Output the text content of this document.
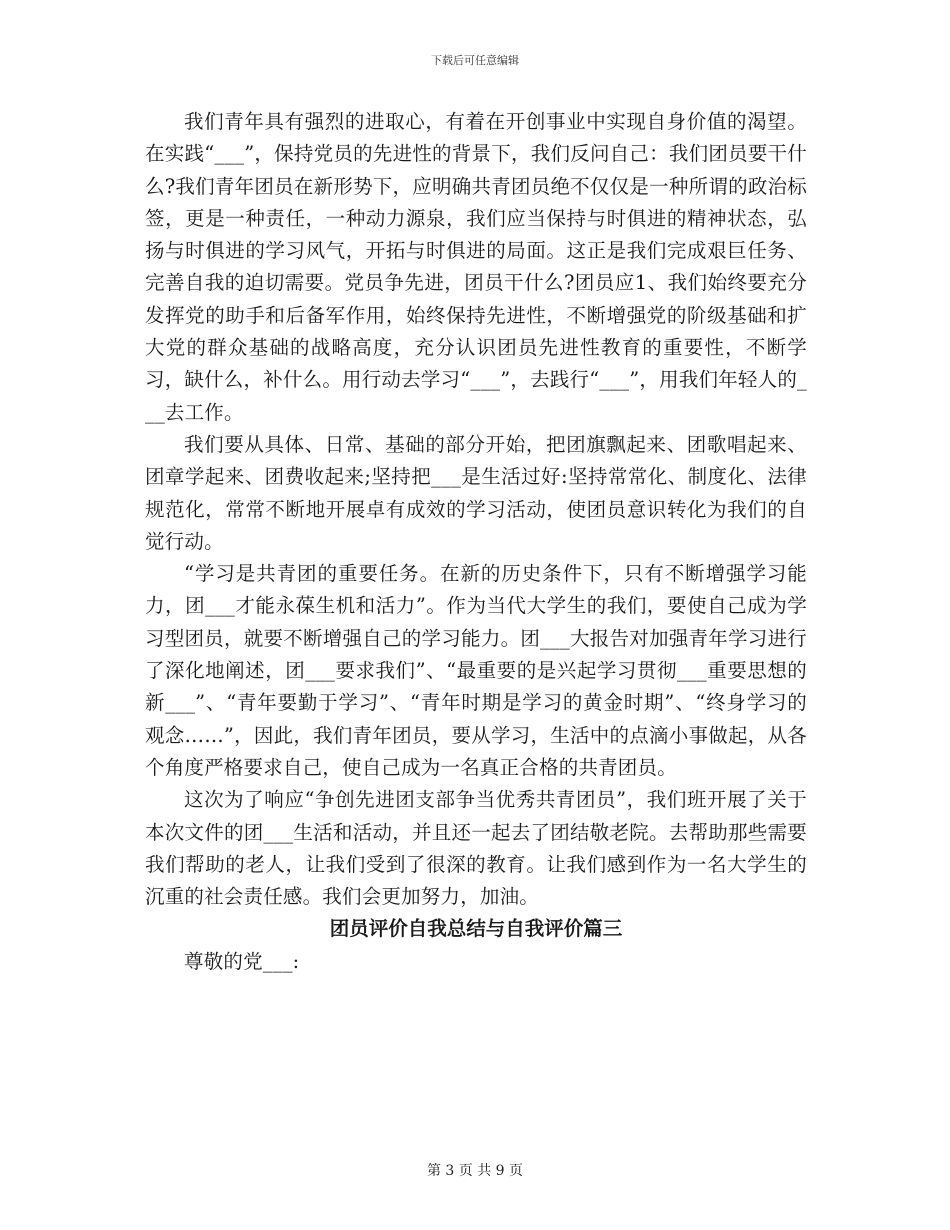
下载后可任意编辑

我们青年具有强烈的进取心，有着在开创事业中实现自身价值的渴望。在实践“___”，保持党员的先进性的背景下，我们反问自己：我们团员要干什么?我们青年团员在新形势下，应明确共青团员绝不仅仅是一种所谓的政治标签，更是一种责任，一种动力源泉，我们应当保持与时俱进的精神状态，弘扬与时俱进的学习风气，开拓与时俱进的局面。这正是我们完成艰巨任务、完善自我的迫切需要。党员争先进，团员干什么?团员应1、我们始终要充分发挥党的助手和后备军作用，始终保持先进性，不断增强党的阶级基础和扩大党的群众基础的战略高度，充分认识团员先进性教育的重要性，不断学习，缺什么，补什么。用行动去学习“___”，去践行“___”，用我们年轻人的___去工作。

我们要从具体、日常、基础的部分开始，把团旗飘起来、团歌唱起来、团章学起来、团费收起来;坚持把___是生活过好:坚持常常化、制度化、法律规范化，常常不断地开展卓有成效的学习活动，使团员意识转化为我们的自觉行动。

“学习是共青团的重要任务。在新的历史条件下，只有不断增强学习能力，团___才能永葆生机和活力”。作为当代大学生的我们，要使自己成为学习型团员，就要不断增强自己的学习能力。团___大报告对加强青年学习进行了深化地阐述，团___要求我们”、“最重要的是兴起学习贯彻___重要思想的新___”、“青年要勤于学习”、“青年时期是学习的黄金时期”、“终身学习的观念……”，因此，我们青年团员，要从学习，生活中的点滴小事做起，从各个角度严格要求自己，使自己成为一名真正合格的共青团员。

这次为了响应“争创先进团支部争当优秀共青团员”，我们班开展了关于本次文件的团___生活和活动，并且还一起去了团结敬老院。去帮助那些需要我们帮助的老人，让我们受到了很深的教育。让我们感到作为一名大学生的沉重的社会责任感。我们会更加努力，加油。

团员评价自我总结与自我评价篇三

尊敬的党___:

第 3 页 共 9 页
